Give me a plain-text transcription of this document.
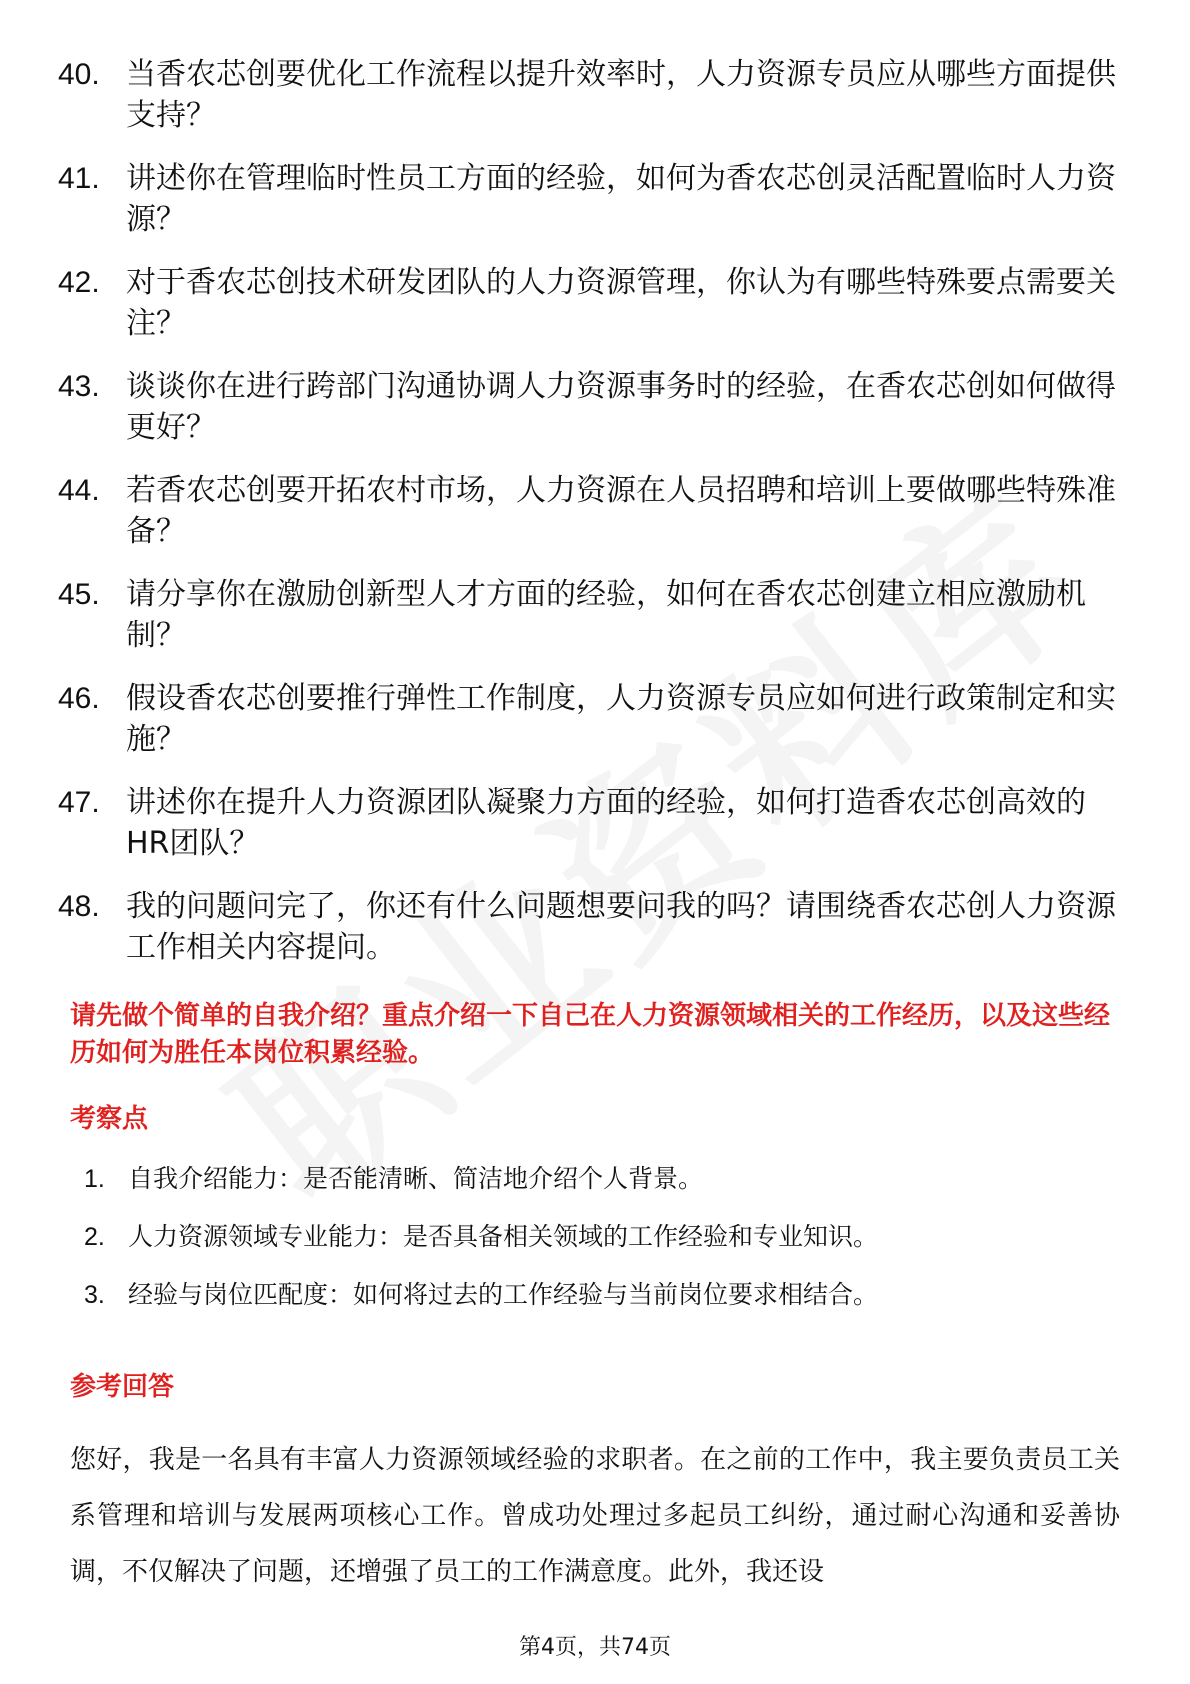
40. 当香农芯创要优化工作流程以提升效率时，人力资源专员应从哪些方面提供支持？
41. 讲述你在管理临时性员工方面的经验，如何为香农芯创灵活配置临时人力资源？
42. 对于香农芯创技术研发团队的人力资源管理，你认为有哪些特殊要点需要关注？
43. 谈谈你在进行跨部门沟通协调人力资源事务时的经验，在香农芯创如何做得更好？
44. 若香农芯创要开拓农村市场，人力资源在人员招聘和培训上要做哪些特殊准备？
45. 请分享你在激励创新型人才方面的经验，如何在香农芯创建立相应激励机制？
46. 假设香农芯创要推行弹性工作制度，人力资源专员应如何进行政策制定和实施？
47. 讲述你在提升人力资源团队凝聚力方面的经验，如何打造香农芯创高效的HR团队？
48. 我的问题问完了，你还有什么问题想要问我的吗？请围绕香农芯创人力资源工作相关内容提问。

请先做个简单的自我介绍？重点介绍一下自己在人力资源领域相关的工作经历，以及这些经历如何为胜任本岗位积累经验。

考察点
1. 自我介绍能力：是否能清晰、简洁地介绍个人背景。
2. 人力资源领域专业能力：是否具备相关领域的工作经验和专业知识。
3. 经验与岗位匹配度：如何将过去的工作经验与当前岗位要求相结合。
参考回答

您好，我是一名具有丰富人力资源领域经验的求职者。在之前的工作中，我主要负责员工关系管理和培训与发展两项核心工作。曾成功处理过多起员工纠纷，通过耐心沟通和妥善协调，不仅解决了问题，还增强了员工的工作满意度。此外，我还设

第4页，共74页
